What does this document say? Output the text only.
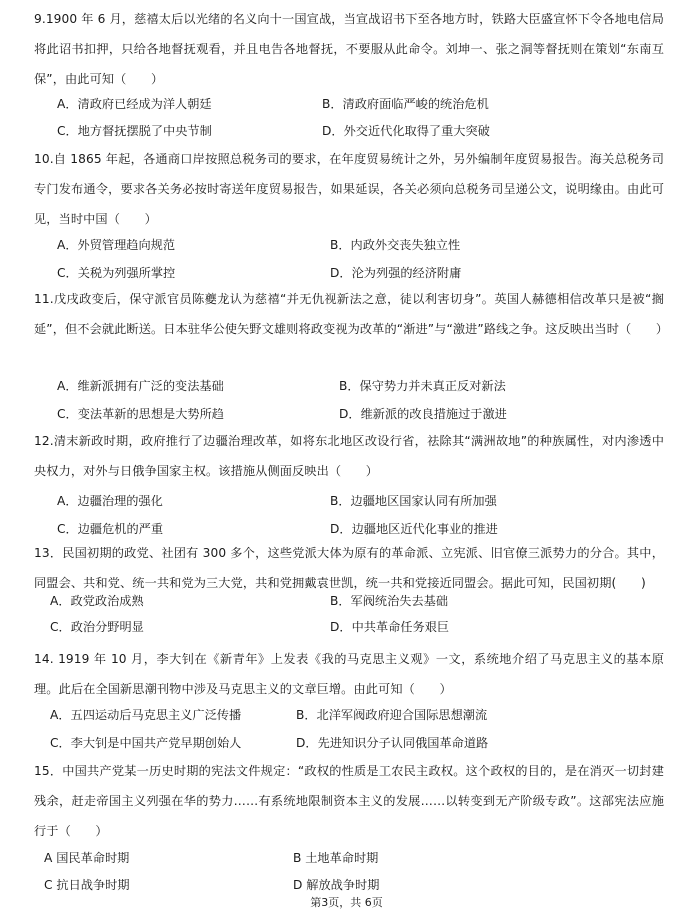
9.1900 年 6 月，慈禧太后以光绪的名义向十一国宣战，当宣战诏书下至各地方时，铁路大臣盛宣怀下令各地电信局将此诏书扣押，只给各地督抚观看，并且电告各地督抚，不要服从此命令。刘坤一、张之洞等督抚则在策划“东南互保”，由此可知（　　）
A．清政府已经成为洋人朝廷	B．清政府面临严峻的统治危机
C．地方督抚摆脱了中央节制	D．外交近代化取得了重大突破
10.自 1865 年起，各通商口岸按照总税务司的要求，在年度贸易统计之外，另外编制年度贸易报告。海关总税务司专门发布通令，要求各关务必按时寄送年度贸易报告，如果延误，各关必须向总税务司呈递公文，说明缘由。由此可见，当时中国（　　）
A．外贸管理趋向规范	B．内政外交丧失独立性
C．关税为列强所掌控	D．沦为列强的经济附庸
11.戊戌政变后，保守派官员陈夔龙认为慈禧“并无仇视新法之意，徒以利害切身”。英国人赫德相信改革只是被“搁延”，但不会就此断送。日本驻华公使矢野文雄则将政变视为改革的“渐进”与“激进”路线之争。这反映出当时（　　）
A．维新派拥有广泛的变法基础	B．保守势力并未真正反对新法
C．变法革新的思想是大势所趋	D．维新派的改良措施过于激进
12.清末新政时期，政府推行了边疆治理改革，如将东北地区改设行省，祛除其“满洲故地”的种族属性，对内渗透中央权力，对外与日俄争国家主权。该措施从侧面反映出（　　）
A．边疆治理的强化	B．边疆地区国家认同有所加强
C．边疆危机的严重	D．边疆地区近代化事业的推进
13．民国初期的政党、社团有 300 多个，这些党派大体为原有的革命派、立宪派、旧官僚三派势力的分合。其中，同盟会、共和党、统一共和党为三大党，共和党拥戴袁世凯，统一共和党接近同盟会。据此可知，民国初期(　　)
A．政党政治成熟	B．军阀统治失去基础
C．政治分野明显	D．中共革命任务艰巨
14. 1919 年 10 月，李大钊在《新青年》上发表《我的马克思主义观》一文，系统地介绍了马克思主义的基本原理。此后在全国新思潮刊物中涉及马克思主义的文章巨增。由此可知（　　）
A．五四运动后马克思主义广泛传播	B．北洋军阀政府迎合国际思想潮流
C．李大钊是中国共产党早期创始人	D．先进知识分子认同俄国革命道路
15．中国共产党某一历史时期的宪法文件规定：“政权的性质是工农民主政权。这个政权的目的，是在消灭一切封建残余，赶走帝国主义列强在华的势力……有系统地限制资本主义的发展……以转变到无产阶级专政”。这部宪法应施行于（　　）
A 国民革命时期	B 土地革命时期
C 抗日战争时期	D 解放战争时期
第3页，共 6页
